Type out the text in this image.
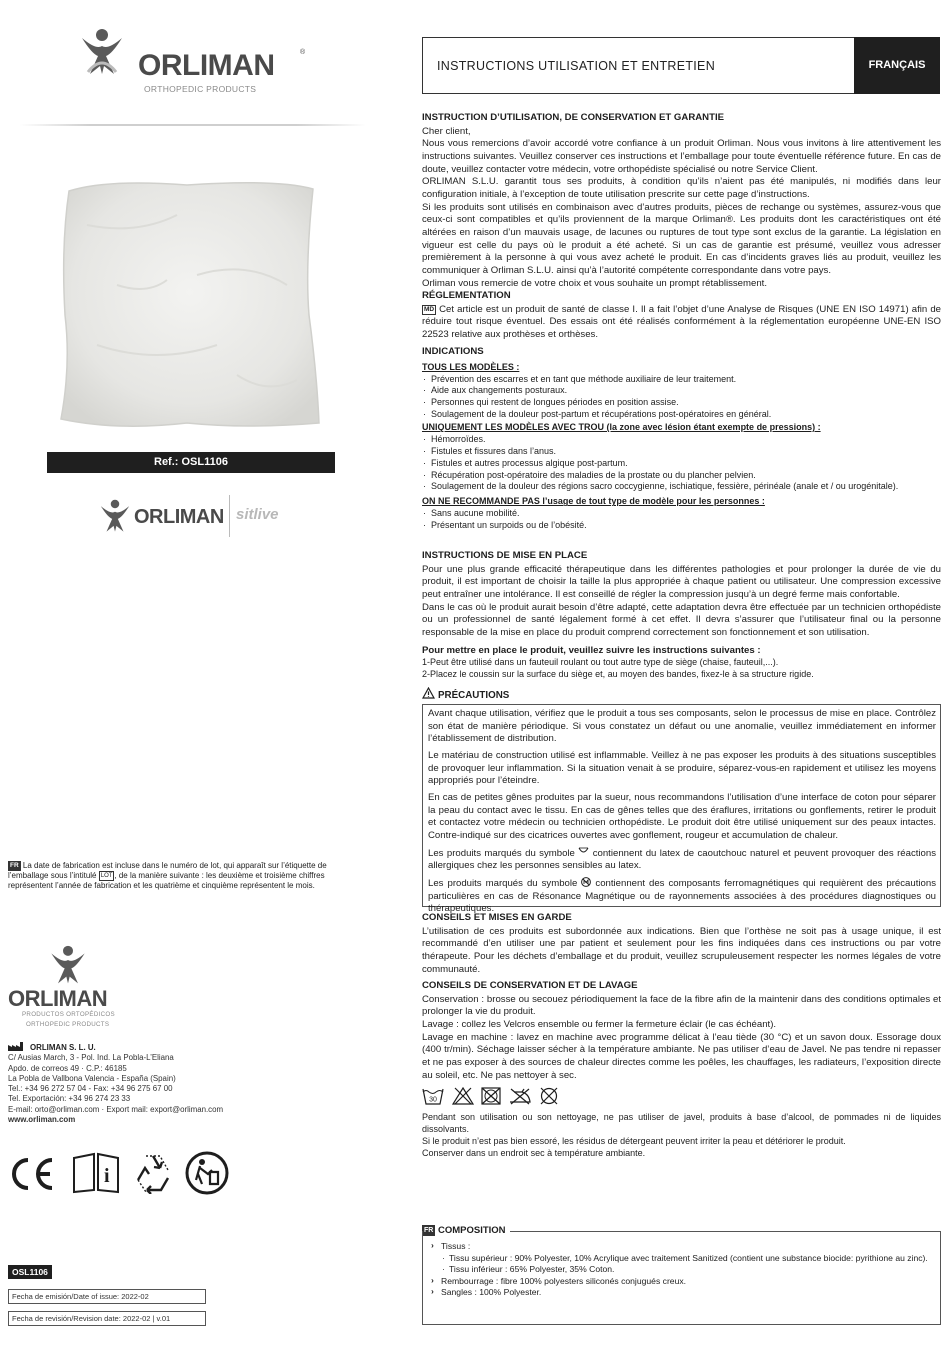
ORLIMAN	®
ORTHOPEDIC PRODUCTS
Ref.: OSL1106
ORLIMAN sitlive
FR La date de fabrication est incluse dans le numéro de lot, qui apparaît sur l’étiquette de l’emballage sous l’intitulé LOT , de la manière suivante : les deuxième et troisième chiffres représentent l’année de fabrication et les quatrième et cinquième représentent le mois.
ORLIMAN
PRODUCTOS ORTOPÉDICOS
ORTHOPEDIC PRODUCTS
ORLIMAN S. L. U.
C/ Ausias March, 3 - Pol. Ind. La Pobla-L’Eliana
Apdo. de correos 49 · C.P.: 46185
La Pobla de Vallbona Valencia - España (Spain)
Tel.: +34 96 272 57 04 - Fax: +34 96 275 67 00
Tel. Exportación: +34 96 274 23 33
E-mail: orto@orliman.com · Export mail: export@orliman.com
www.orliman.com
i
OSL1106
Fecha de emisión/Date of issue: 2022-02
Fecha de revisión/Revision date: 2022-02 | v.01
INSTRUCTIONS UTILISATION ET ENTRETIEN	FRANÇAIS
INSTRUCTION D’UTILISATION, DE CONSERVATION ET GARANTIE
Cher client,
Nous vous remercions d’avoir accordé votre confiance à un produit Orliman. Nous vous invitons à lire attentivement les instructions suivantes. Veuillez conserver ces instructions et l’emballage pour toute éventuelle référence future. En cas de doute, veuillez contacter votre médecin, votre orthopédiste spécialisé ou notre Service Client.
ORLIMAN S.L.U. garantit tous ses produits, à condition qu’ils n’aient pas été manipulés, ni modifiés dans leur configuration initiale, à l’exception de toute utilisation prescrite sur cette page d’instructions.
Si les produits sont utilisés en combinaison avec d’autres produits, pièces de rechange ou systèmes, assurez-vous que ceux-ci sont compatibles et qu’ils proviennent de la marque Orliman®. Les produits dont les caractéristiques ont été altérées en raison d’un mauvais usage, de lacunes ou ruptures de tout type sont exclus de la garantie. La législation en vigueur est celle du pays où le produit a été acheté. Si un cas de garantie est présumé, veuillez vous adresser premièrement à la personne à qui vous avez acheté le produit. En cas d’incidents graves liés au produit, veuillez les communiquer à Orliman S.L.U. ainsi qu’à l’autorité compétente correspondante dans votre pays.
Orliman vous remercie de votre choix et vous souhaite un prompt rétablissement.
RÉGLEMENTATION
MD Cet article est un produit de santé de classe I. Il a fait l’objet d’une Analyse de Risques (UNE EN ISO 14971) afin de réduire tout risque éventuel. Des essais ont été réalisés conformément à la réglementation européenne UNE-EN ISO 22523 relative aux prothèses et orthèses.
INDICATIONS
TOUS LES MODÈLES :
· Prévention des escarres et en tant que méthode auxiliaire de leur traitement.
· Aide aux changements posturaux.
· Personnes qui restent de longues périodes en position assise.
· Soulagement de la douleur post-partum et récupérations post-opératoires en général.
UNIQUEMENT LES MODÈLES AVEC TROU (la zone avec lésion étant exempte de pressions) :
· Hémorroïdes.
· Fistules et fissures dans l’anus.
· Fistules et autres processus algique post-partum.
· Récupération post-opératoire des maladies de la prostate ou du plancher pelvien.
· Soulagement de la douleur des régions sacro coccygienne, ischiatique, fessière, périnéale (anale et / ou urogénitale).
ON NE RECOMMANDE PAS l’usage de tout type de modèle pour les personnes :
· Sans aucune mobilité.
· Présentant un surpoids ou de l’obésité.
INSTRUCTIONS DE MISE EN PLACE
Pour une plus grande efficacité thérapeutique dans les différentes pathologies et pour prolonger la durée de vie du produit, il est important de choisir la taille la plus appropriée à chaque patient ou utilisateur. Une compression excessive peut entraîner une intolérance. Il est conseillé de régler la compression jusqu’à un degré ferme mais confortable.
Dans le cas où le produit aurait besoin d’être adapté, cette adaptation devra être effectuée par un technicien orthopédiste ou un professionnel de santé légalement formé à cet effet. Il devra s’assurer que l’utilisateur final ou la personne responsable de la mise en place du produit comprend correctement son fonctionnement et son utilisation.
Pour mettre en place le produit, veuillez suivre les instructions suivantes :
1-Peut être utilisé dans un fauteuil roulant ou tout autre type de siège (chaise, fauteuil,...).
2-Placez le coussin sur la surface du siège et, au moyen des bandes, fixez-le à sa structure rigide.
PRÉCAUTIONS

Avant chaque utilisation, vérifiez que le produit a tous ses composants, selon le processus de mise en place. Contrôlez son état de manière périodique. Si vous constatez un défaut ou une anomalie, veuillez immédiatement en informer l’établissement de distribution.

Le matériau de construction utilisé est inflammable. Veillez à ne pas exposer les produits à des situations susceptibles de provoquer leur inflammation. Si la situation venait à se produire, séparez-vous-en rapidement et utilisez les moyens appropriés pour l’éteindre.

En cas de petites gênes produites par la sueur, nous recommandons l’utilisation d’une interface de coton pour séparer la peau du contact avec le tissu. En cas de gênes telles que des éraflures, irritations ou gonflements, retirer le produit et contactez votre médecin ou technicien orthopédiste. Le produit doit être utilisé uniquement sur des peaux intactes. Contre-indiqué sur des cicatrices ouvertes avec gonflement, rougeur et accumulation de chaleur.

Les produits marqués du symbole contiennent du latex de caoutchouc naturel et peuvent provoquer des réactions allergiques chez les personnes sensibles au latex.

Les produits marqués du symbole contiennent des composants ferromagnétiques qui requièrent des précautions particulières en cas de Résonance Magnétique ou de rayonnements associées à des procédures diagnostiques ou thérapeutiques.

CONSEILS ET MISES EN GARDE
L’utilisation de ces produits est subordonnée aux indications. Bien que l’orthèse ne soit pas à usage unique, il est recommandé d’en utiliser une par patient et seulement pour les fins indiquées dans ces instructions ou par votre thérapeute. Pour les déchets d’emballage et du produit, veuillez scrupuleusement respecter les normes légales de votre communauté.
CONSEILS DE CONSERVATION ET DE LAVAGE
Conservation : brosse ou secouez périodiquement la face de la fibre afin de la maintenir dans des conditions optimales et prolonger la vie du produit.
Lavage : collez les Velcros ensemble ou fermer la fermeture éclair (le cas échéant).
Lavage en machine : lavez en machine avec programme délicat à l’eau tiède (30 °C) et un savon doux. Essorage doux (400 tr/min). Séchage laisser sécher à la température ambiante. Ne pas utiliser d’eau de Javel. Ne pas tendre ni repasser et ne pas exposer à des sources de chaleur directes comme les poêles, les chauffages, les radiateurs, l’exposition directe au soleil, etc. Ne pas nettoyer à sec.
30
Pendant son utilisation ou son nettoyage, ne pas utiliser de javel, produits à base d’alcool, de pommades ni de liquides dissolvants.
Si le produit n’est pas bien essoré, les résidus de détergeant peuvent irriter la peau et détériorer le produit.
Conserver dans un endroit sec à température ambiante.
FR COMPOSITION
› Tissus :
· Tissu supérieur : 90% Polyester, 10% Acrylique avec traitement Sanitized (contient une substance biocide: pyrithione au zinc).
· Tissu inférieur : 65% Polyester, 35% Coton.
› Rembourrage : fibre 100% polyesters siliconés conjugués creux.
› Sangles : 100% Polyester.
